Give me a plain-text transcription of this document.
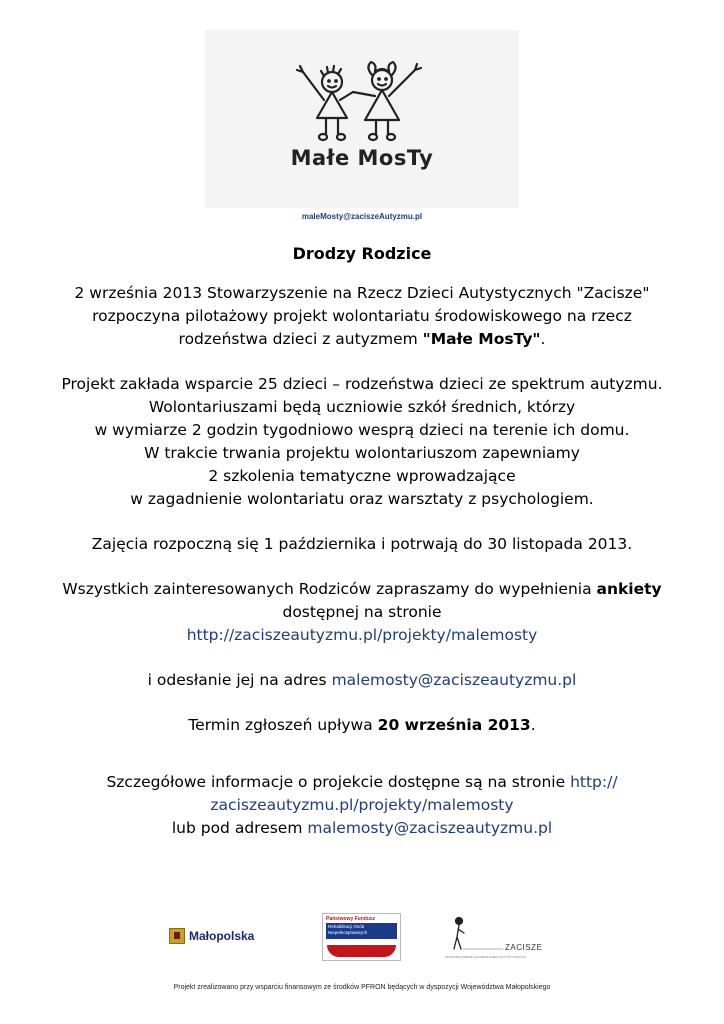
Małe MosTy
maleMosty@zaciszeAutyzmu.pl
Drodzy Rodzice
2 września 2013 Stowarzyszenie na Rzecz Dzieci Autystycznych "Zacisze"
rozpoczyna pilotażowy projekt wolontariatu środowiskowego na rzecz
rodzeństwa dzieci z autyzmem "Małe MosTy".
Projekt zakłada wsparcie 25 dzieci – rodzeństwa dzieci ze spektrum autyzmu.
Wolontariuszami będą uczniowie szkół średnich, którzy
w wymiarze 2 godzin tygodniowo wesprą dzieci na terenie ich domu.
W trakcie trwania projektu wolontariuszom zapewniamy
2 szkolenia tematyczne wprowadzające
w zagadnienie wolontariatu oraz warsztaty z psychologiem.
Zajęcia rozpoczną się 1 października i potrwają do 30 listopada 2013.
Wszystkich zainteresowanych Rodziców zapraszamy do wypełnienia ankiety
dostępnej na stronie
http://zaciszeautyzmu.pl/projekty/malemosty
i odesłanie jej na adres malemosty@zaciszeautyzmu.pl
Termin zgłoszeń upływa 20 września 2013.
Szczegółowe informacje o projekcie dostępne są na stronie http://
zaciszeautyzmu.pl/projekty/malemosty
lub pod adresem malemosty@zaciszeautyzmu.pl
Małopolska
Państwowy Fundusz
Rehabilitacji Osób Niepełnosprawnych
ZACISZE
STOWARZYSZENIE NA RZECZ DZIECI AUTYSTYCZNYCH
Projekt zrealizowano przy wsparciu finansowym ze środków PFRON będących w dyspozycji Województwa Małopolskiego
